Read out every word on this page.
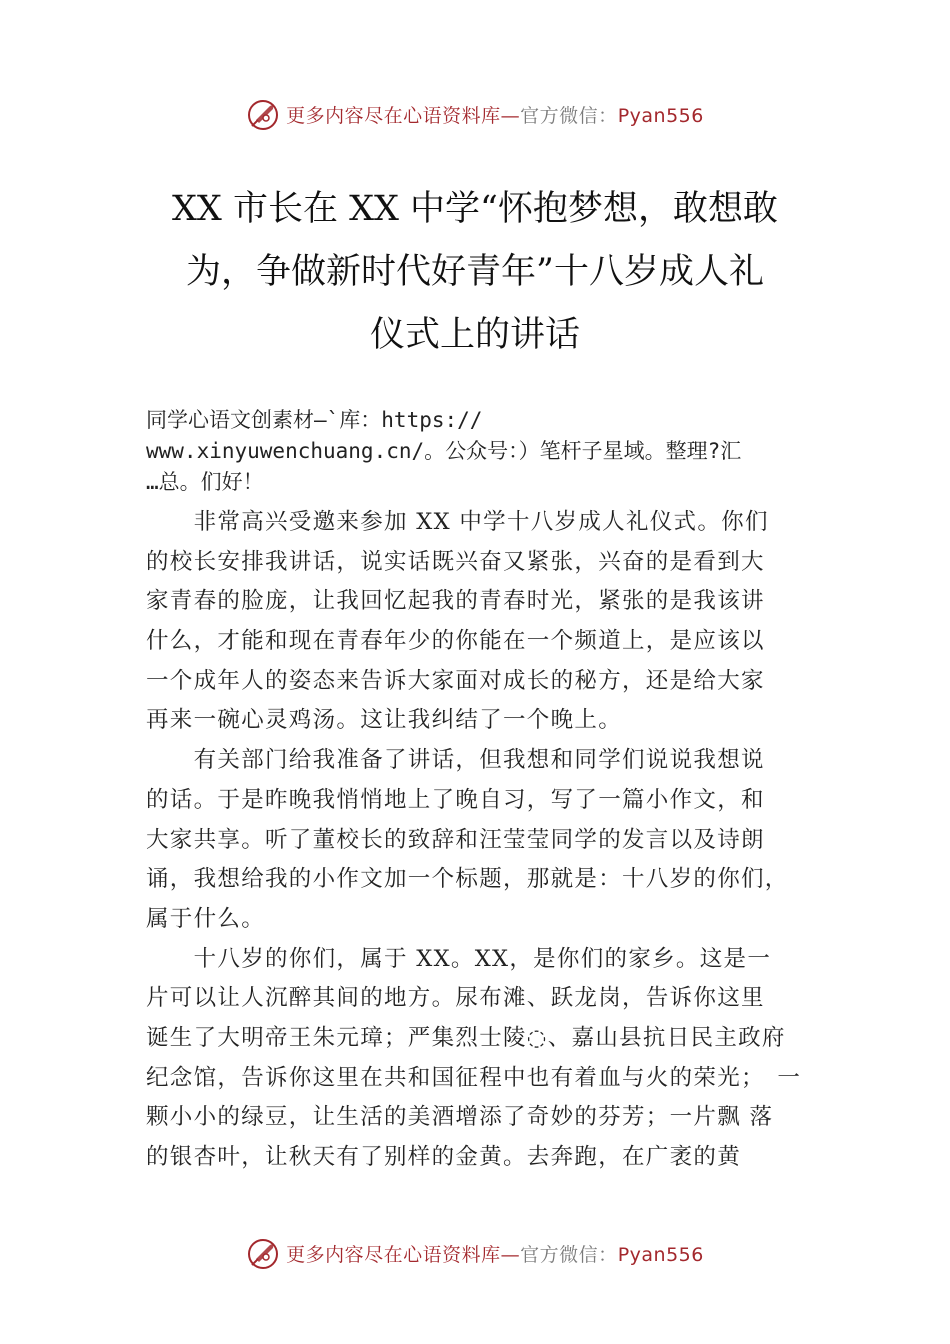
更多内容尽在心语资料库—官方微信：Pyan556
XX 市长在 XX 中学“怀抱梦想，敢想敢
为，争做新时代好青年”十八岁成人礼
仪式上的讲话
同学心语文创素材—`库：https://
www.xinyuwenchuang.cn/。公众号：）笔杆子星域。整理?汇
…总。们好！
　　非常高兴受邀来参加 XX 中学十八岁成人礼仪式。你们
的校长安排我讲话，说实话既兴奋又紧张，兴奋的是看到大
家青春的脸庞，让我回忆起我的青春时光，紧张的是我该讲
什么，才能和现在青春年少的你能在一个频道上，是应该以
一个成年人的姿态来告诉大家面对成长的秘方，还是给大家
再来一碗心灵鸡汤。这让我纠结了一个晚上。
　　有关部门给我准备了讲话，但我想和同学们说说我想说
的话。于是昨晚我悄悄地上了晚自习，写了一篇小作文，和
大家共享。听了董校长的致辞和汪莹莹同学的发言以及诗朗
诵，我想给我的小作文加一个标题，那就是：十八岁的你们，
属于什么。
　　十八岁的你们，属于 XX。XX，是你们的家乡。这是一
片可以让人沉醉其间的地方。尿布滩、跃龙岗，告诉你这里
诞生了大明帝王朱元璋；严集烈士陵◌、嘉山县抗日民主政府
纪念馆，告诉你这里在共和国征程中也有着血与火的荣光；　一
颗小小的绿豆，让生活的美酒增添了奇妙的芬芳；一片飘 落
的银杏叶，让秋天有了别样的金黄。去奔跑，在广袤的黄
更多内容尽在心语资料库—官方微信：Pyan556
